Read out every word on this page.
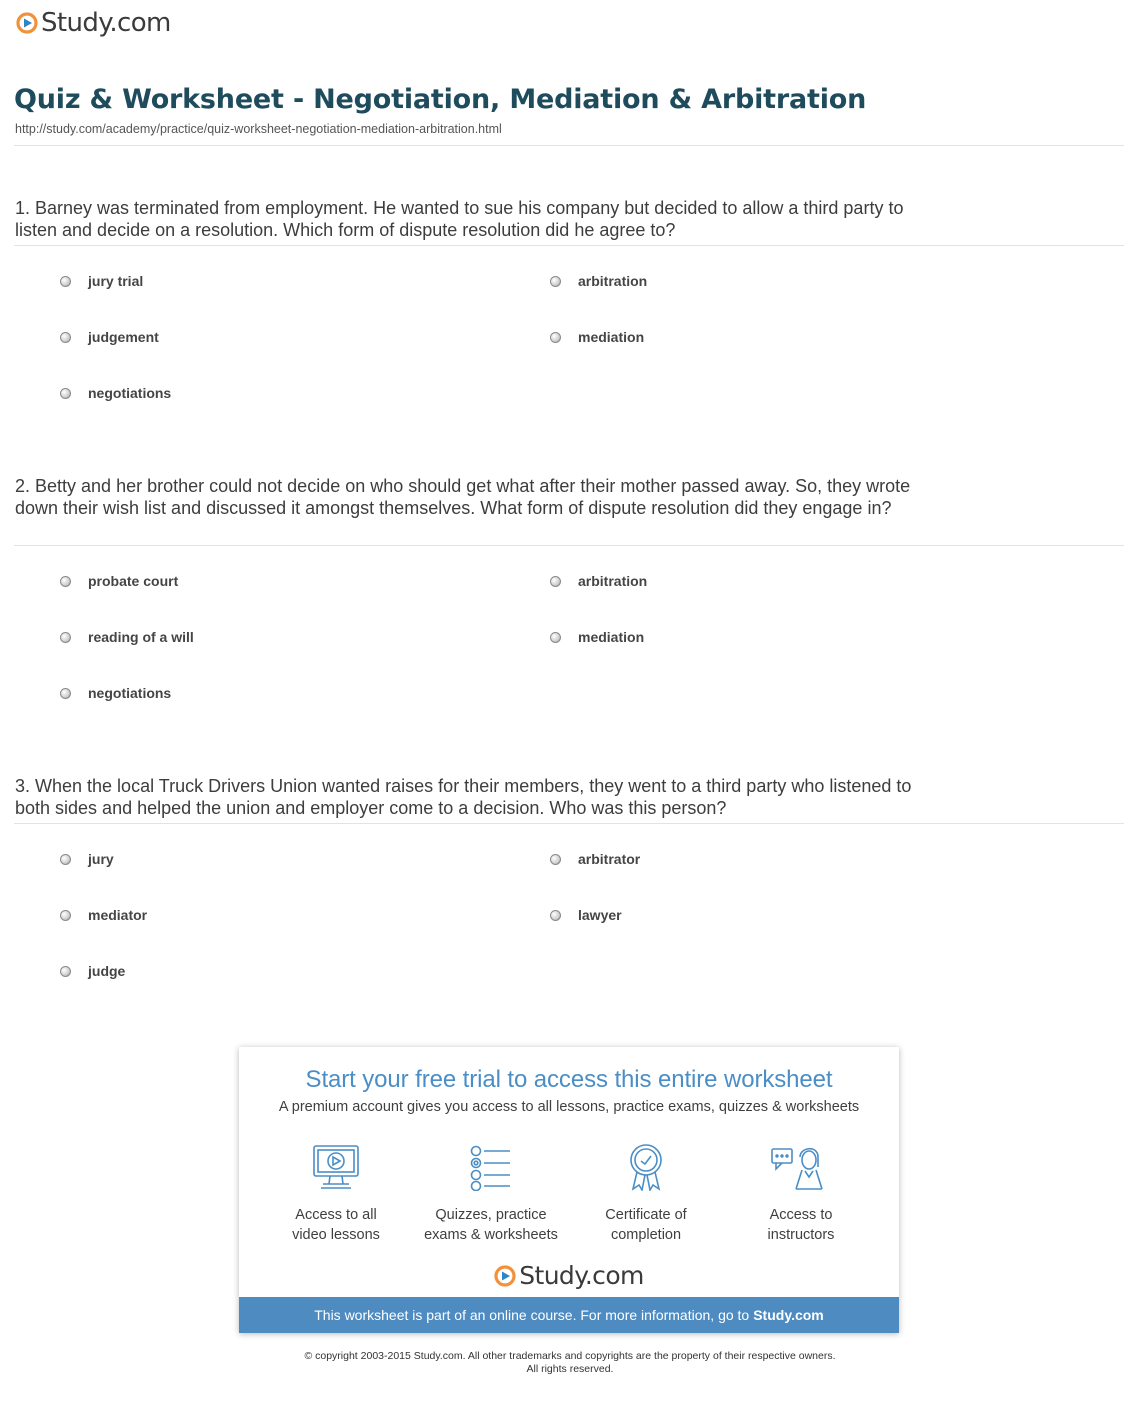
Study.com
Quiz & Worksheet - Negotiation, Mediation & Arbitration
http://study.com/academy/practice/quiz-worksheet-negotiation-mediation-arbitration.html
1. Barney was terminated from employment. He wanted to sue his company but decided to allow a third party to listen and decide on a resolution. Which form of dispute resolution did he agree to?
jury trial	arbitration
judgement	mediation
negotiations
2. Betty and her brother could not decide on who should get what after their mother passed away. So, they wrote down their wish list and discussed it amongst themselves. What form of dispute resolution did they engage in?
probate court	arbitration
reading of a will	mediation
negotiations
3. When the local Truck Drivers Union wanted raises for their members, they went to a third party who listened to both sides and helped the union and employer come to a decision. Who was this person?
jury	arbitrator
mediator	lawyer
judge
Start your free trial to access this entire worksheet
A premium account gives you access to all lessons, practice exams, quizzes & worksheets
Access to all
video lessons
Quizzes, practice
exams & worksheets
Certificate of
completion
Access to
instructors
Study.com
This worksheet is part of an online course. For more information, go to Study.com
© copyright 2003-2015 Study.com. All other trademarks and copyrights are the property of their respective owners.
All rights reserved.
